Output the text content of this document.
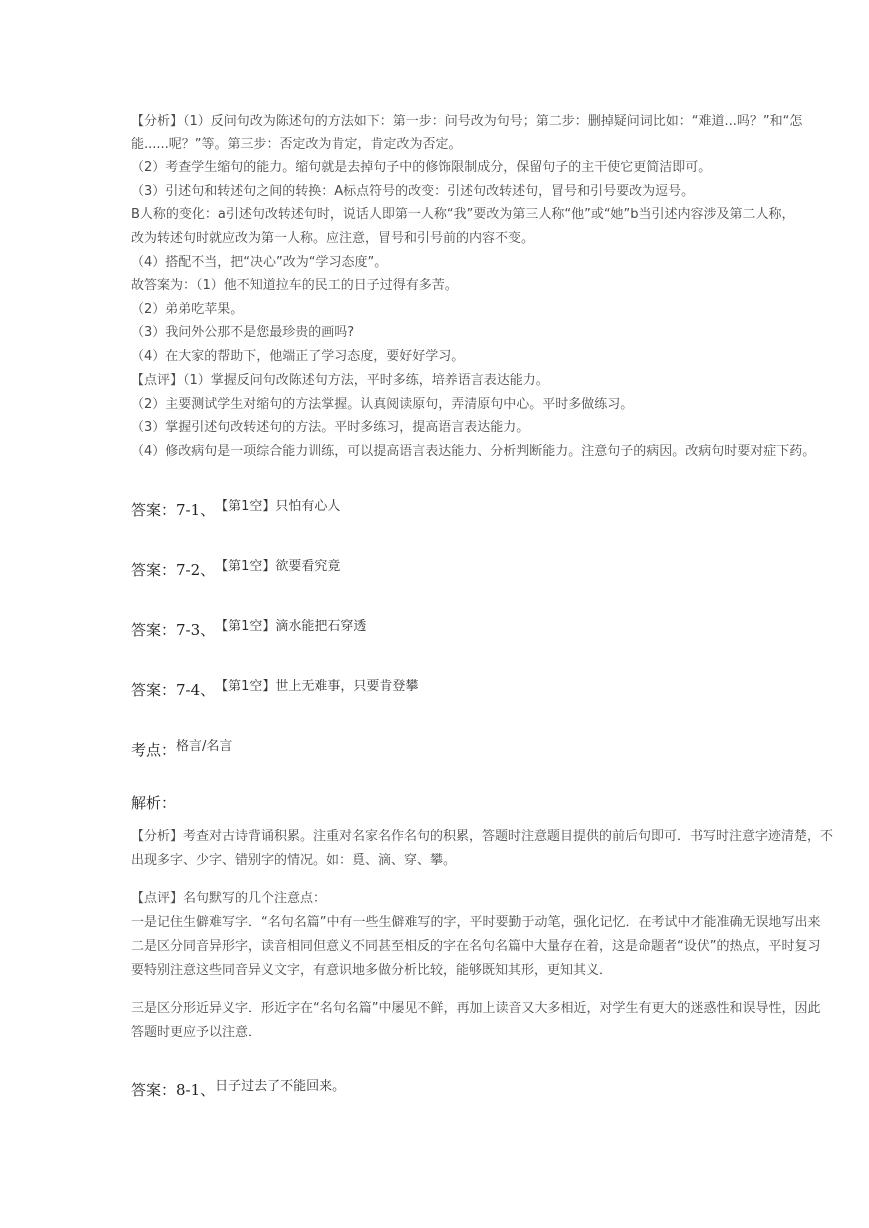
【分析】（1）反问句改为陈述句的方法如下：第一步：问号改为句号；第二步：删掉疑问词比如：“难道...吗？”和“怎
能......呢？”等。第三步：否定改为肯定，肯定改为否定。
（2）考查学生缩句的能力。缩句就是去掉句子中的修饰限制成分，保留句子的主干使它更简洁即可。
（3）引述句和转述句之间的转换：A标点符号的改变：引述句改转述句，冒号和引号要改为逗号。
B人称的变化：a引述句改转述句时，说话人即第一人称“我”要改为第三人称“他”或“她”b当引述内容涉及第二人称，
改为转述句时就应改为第一人称。应注意，冒号和引号前的内容不变。
（4）搭配不当，把“决心”改为“学习态度”。
故答案为：（1）他不知道拉车的民工的日子过得有多苦。
（2）弟弟吃苹果。
（3）我问外公那不是您最珍贵的画吗?
（4）在大家的帮助下，他端正了学习态度，要好好学习。
【点评】（1）掌握反问句改陈述句方法，平时多练，培养语言表达能力。
（2）主要测试学生对缩句的方法掌握。认真阅读原句，弄清原句中心。平时多做练习。
（3）掌握引述句改转述句的方法。平时多练习，提高语言表达能力。
（4）修改病句是一项综合能力训练，可以提高语言表达能力、分析判断能力。注意句子的病因。改病句时要对症下药。
答案：7-1、【第1空】只怕有心人
答案：7-2、【第1空】欲要看究竟
答案：7-3、【第1空】滴水能把石穿透
答案：7-4、【第1空】世上无难事，只要肯登攀
考点：格言/名言
解析：
【分析】考查对古诗背诵积累。注重对名家名作名句的积累，答题时注意题目提供的前后句即可．书写时注意字迹清楚，不
出现多字、少字、错别字的情况。如：覓、滴、穿、攀。
【点评】名句默写的几个注意点：
一是记住生僻难写字．“名句名篇”中有一些生僻难写的字，平时要勤于动笔，强化记忆．在考试中才能准确无误地写出来
二是区分同音异形字，读音相同但意义不同甚至相反的字在名句名篇中大量存在着，这是命题者“设伏”的热点，平时复习
要特别注意这些同音异义文字，有意识地多做分析比较，能够既知其形，更知其义．
三是区分形近异义字．形近字在“名句名篇”中屡见不鲜，再加上读音又大多相近，对学生有更大的迷惑性和误导性，因此
答题时更应予以注意．
答案：8-1、日子过去了不能回来。
